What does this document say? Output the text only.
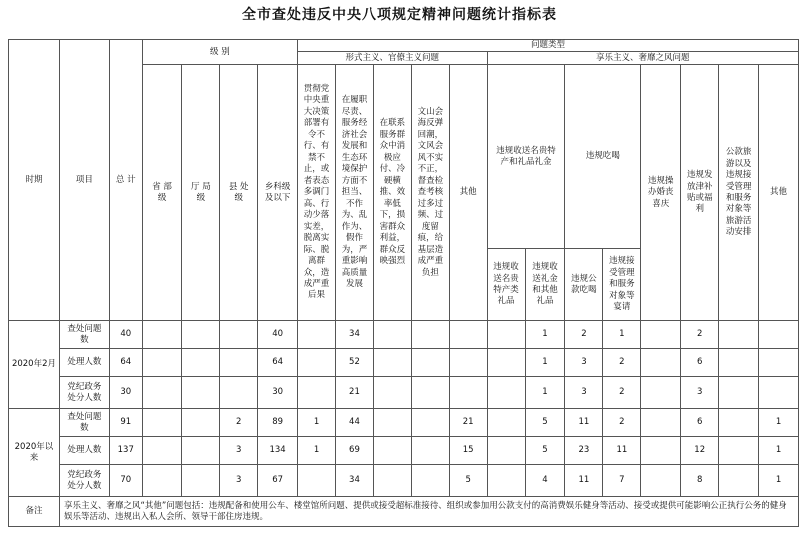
全市查处违反中央八项规定精神问题统计指标表
时期	项目	总 计	级 别				问题类型												
							形式主义、官僚主义问题					享乐主义、奢靡之风问题							

			省 部 级	厅 局 级	县 处 级	乡科级 及以下	贯彻党中央重大决策部署有令不行、有禁不止，或者表态多调门高、行动少落实差，脱离实际、脱离群众，造成严重后果	在履职尽责、服务经济社会发展和生态环境保护方面不担当、不作为、乱作为、假作为，严重影响高质量发展	在联系服务群众中消极应付、冷硬横推、效率低下，损害群众利益，群众反映强烈	文山会海反弹回潮，文风会风不实不正，督查检查考核过多过频、过度留痕，给基层造成严重负担	其他	违规收送名贵特产和礼品礼金		违规吃喝		违规操办婚丧喜庆	违规发放津补贴或福利	公款旅游以及违规接受管理和服务对象等旅游活动安排	其他

												违规收送名贵特产类礼品	违规收送礼金和其他礼品	违规公款吃喝	违规接受管理和服务对象等宴请				

2020年2月	查处问题数	40				40		34					1	2	1		2		

	处理人数	64				64		52					1	3	2		6		

	党纪政务处分人数	30				30		21					1	3	2		3		

2020年以来	查处问题数	91			2	89	1	44			21		5	11	2		6		1

	处理人数	137			3	134	1	69			15		5	23	11		12		1

	党纪政务处分人数	70			3	67		34			5		4	11	7		8		1
备注	享乐主义、奢靡之风“其他”问题包括：违规配备和使用公车、楼堂馆所问题、提供或接受超标准接待、组织或参加用公款支付的高消费娱乐健身等活动、接受或提供可能影响公正执行公务的健身娱乐等活动、违规出入私人会所、领导干部住房违规。																		
